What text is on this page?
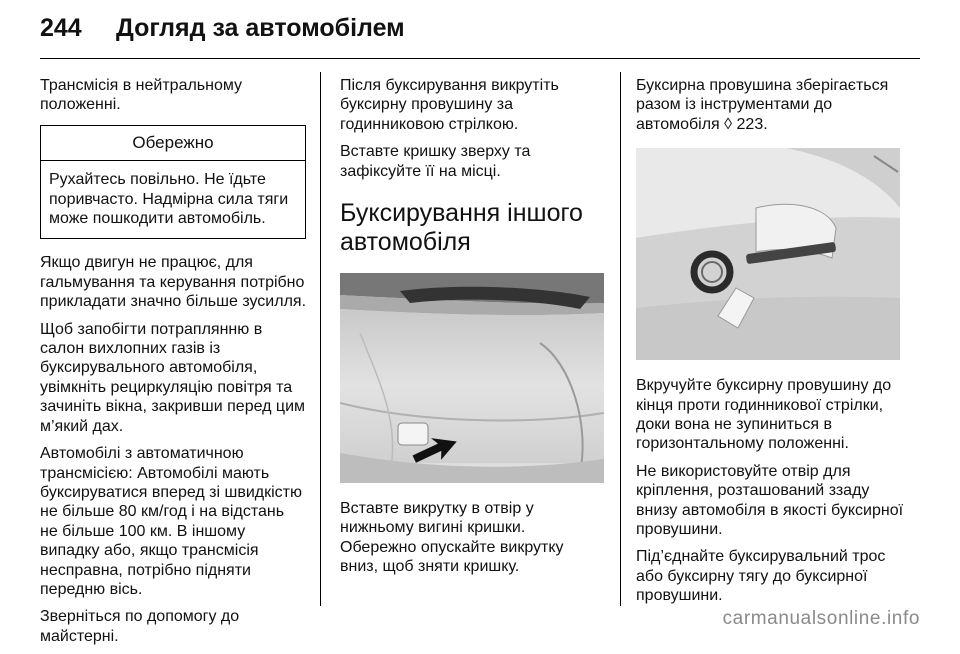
244 Догляд за автомобілем

Трансмісія в нейтральному положенні.

Обережно
Рухайтесь повільно. Не їдьте поривчасто. Надмірна сила тяги може пошкодити автомобіль.

Якщо двигун не працює, для гальмування та керування потрібно прикладати значно більше зусилля.

Щоб запобігти потраплянню в салон вихлопних газів із буксирувального автомобіля, увімкніть рециркуляцію повітря та зачиніть вікна, закривши перед цим м’який дах.

Автомобілі з автоматичною трансмісією: Автомобілі мають буксируватися вперед зі швидкістю не більше 80 км/год і на відстань не більше 100 км. В іншому випадку або, якщо трансмісія несправна, потрібно підняти передню вісь.

Зверніться по допомогу до майстерні.

Після буксирування викрутіть буксирну провушину за годинниковою стрілкою.

Вставте кришку зверху та зафіксуйте її на місці.

Буксирування іншого автомобіля

Вставте викрутку в отвір у нижньому вигині кришки. Обережно опускайте викрутку вниз, щоб зняти кришку.

Буксирна провушина зберігається разом із інструментами до автомобіля ◊ 223.

Вкручуйте буксирну провушину до кінця проти годинникової стрілки, доки вона не зупиниться в горизонтальному положенні.

Не використовуйте отвір для кріплення, розташований ззаду внизу автомобіля в якості буксирної провушини.

Під’єднайте буксирувальний трос або буксирну тягу до буксирної провушини.

carmanualsonline.info
